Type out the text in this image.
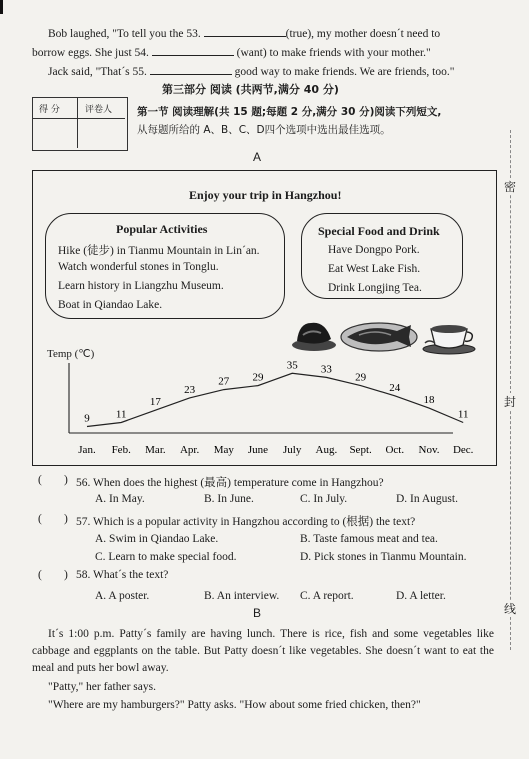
Bob laughed, "To tell you the 53.	(true), my mother doesn´t need to
borrow eggs. She just 54.	(want) to make friends with your mother."
Jack said, "That´s 55.	good way to make friends. We are friends, too."
第三部分 阅读 (共两节,满分 40 分)
得 分	评卷人 第一节 阅读理解(共 15 题;每题 2 分,满分 30 分)阅读下列短文,
从每题所给的 A、B、C、D四个选项中选出最佳选项。
A
Enjoy your trip in Hangzhou!
Popular Activities
Hike (徒步) in Tianmu Mountain in Lin´an.
Watch wonderful stones in Tonglu.
Learn history in Liangzhu Museum.
Boat in Qiandao Lake.
Special Food and Drink
Have Dongpo Pork.
Eat West Lake Fish.
Drink Longjing Tea.
Temp (℃)
9 11
17
23
27 29
35 33
29
24
18
11
Jan. Feb. Mar. Apr. May June July Aug. Sept. Oct. Nov. Dec.
( ) 56. When does the highest (最高) temperature come in Hangzhou?
A. In May.	B. In June.	C. In July.	D. In August.
( ) 57. Which is a popular activity in Hangzhou according to (根据) the text?
A. Swim in Qiandao Lake.	B. Taste famous meat and tea.
C. Learn to make special food.	D. Pick stones in Tianmu Mountain.
( ) 58. What´s the text?
A. A poster.	B. An interview. C. A report.	D. A letter.
B
It´s 1:00 p.m. Patty´s family are having lunch. There is rice, fish and some vegetables like cabbage and eggplants on the table. But Patty doesn´t like vegetables. She doesn´t want to eat the meal and puts her bowl away.
"Patty," her father says.
"Where are my hamburgers?" Patty asks. "How about some fried chicken, then?"
密
封
线
